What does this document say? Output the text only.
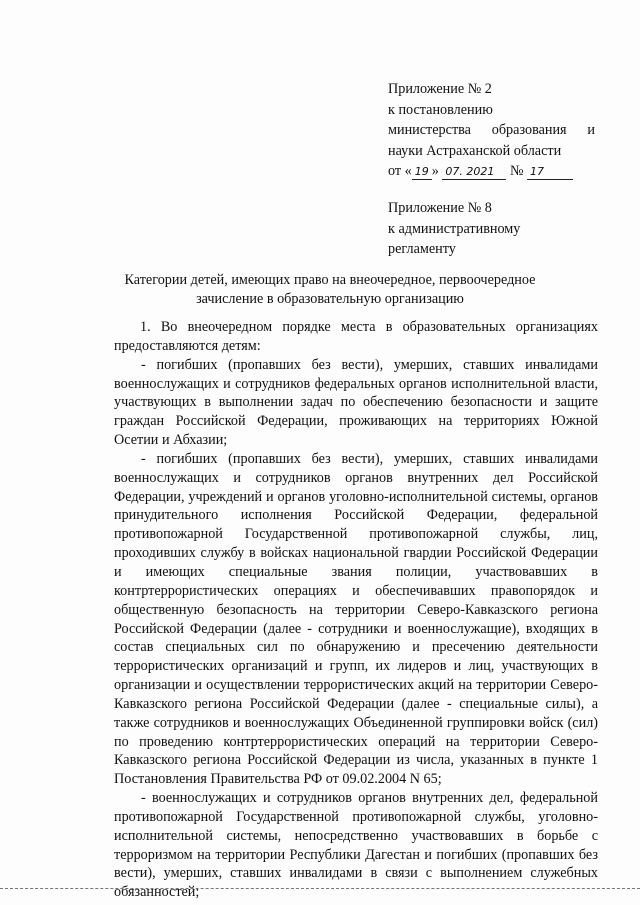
Приложение № 2
к постановлению
министерства образования и
науки Астраханской области
от « 19 » 07. 2021 № 17
Приложение № 8
к административному
регламенту
Категории детей, имеющих право на внеочередное, первоочередное
зачисление в образовательную организацию

1. Во внеочередном порядке места в образовательных организациях предоставляются детям:

- погибших (пропавших без вести), умерших, ставших инвалидами военнослужащих и сотрудников федеральных органов исполнительной власти, участвующих в выполнении задач по обеспечению безопасности и защите граждан Российской Федерации, проживающих на территориях Южной Осетии и Абхазии;

- погибших (пропавших без вести), умерших, ставших инвалидами военнослужащих и сотрудников органов внутренних дел Российской Федерации, учреждений и органов уголовно-исполнительной системы, органов принудительного исполнения Российской Федерации, федеральной противопожарной Государственной противопожарной службы, лиц, проходивших службу в войсках национальной гвардии Российской Федерации и имеющих специальные звания полиции, участвовавших в контртеррористических операциях и обеспечивавших правопорядок и общественную безопасность на территории Северо-Кавказского региона Российской Федерации (далее - сотрудники и военнослужащие), входящих в состав специальных сил по обнаружению и пресечению деятельности террористических организаций и групп, их лидеров и лиц, участвующих в организации и осуществлении террористических акций на территории Северо-Кавказского региона Российской Федерации (далее - специальные силы), а также сотрудников и военнослужащих Объединенной группировки войск (сил) по проведению контртеррористических операций на территории Северо-Кавказского региона Российской Федерации из числа, указанных в пункте 1 Постановления Правительства РФ от 09.02.2004 N 65;

- военнослужащих и сотрудников органов внутренних дел, федеральной противопожарной Государственной противопожарной службы, уголовно-исполнительной системы, непосредственно участвовавших в борьбе с терроризмом на территории Республики Дагестан и погибших (пропавших без вести), умерших, ставших инвалидами в связи с выполнением служебных обязанностей;
